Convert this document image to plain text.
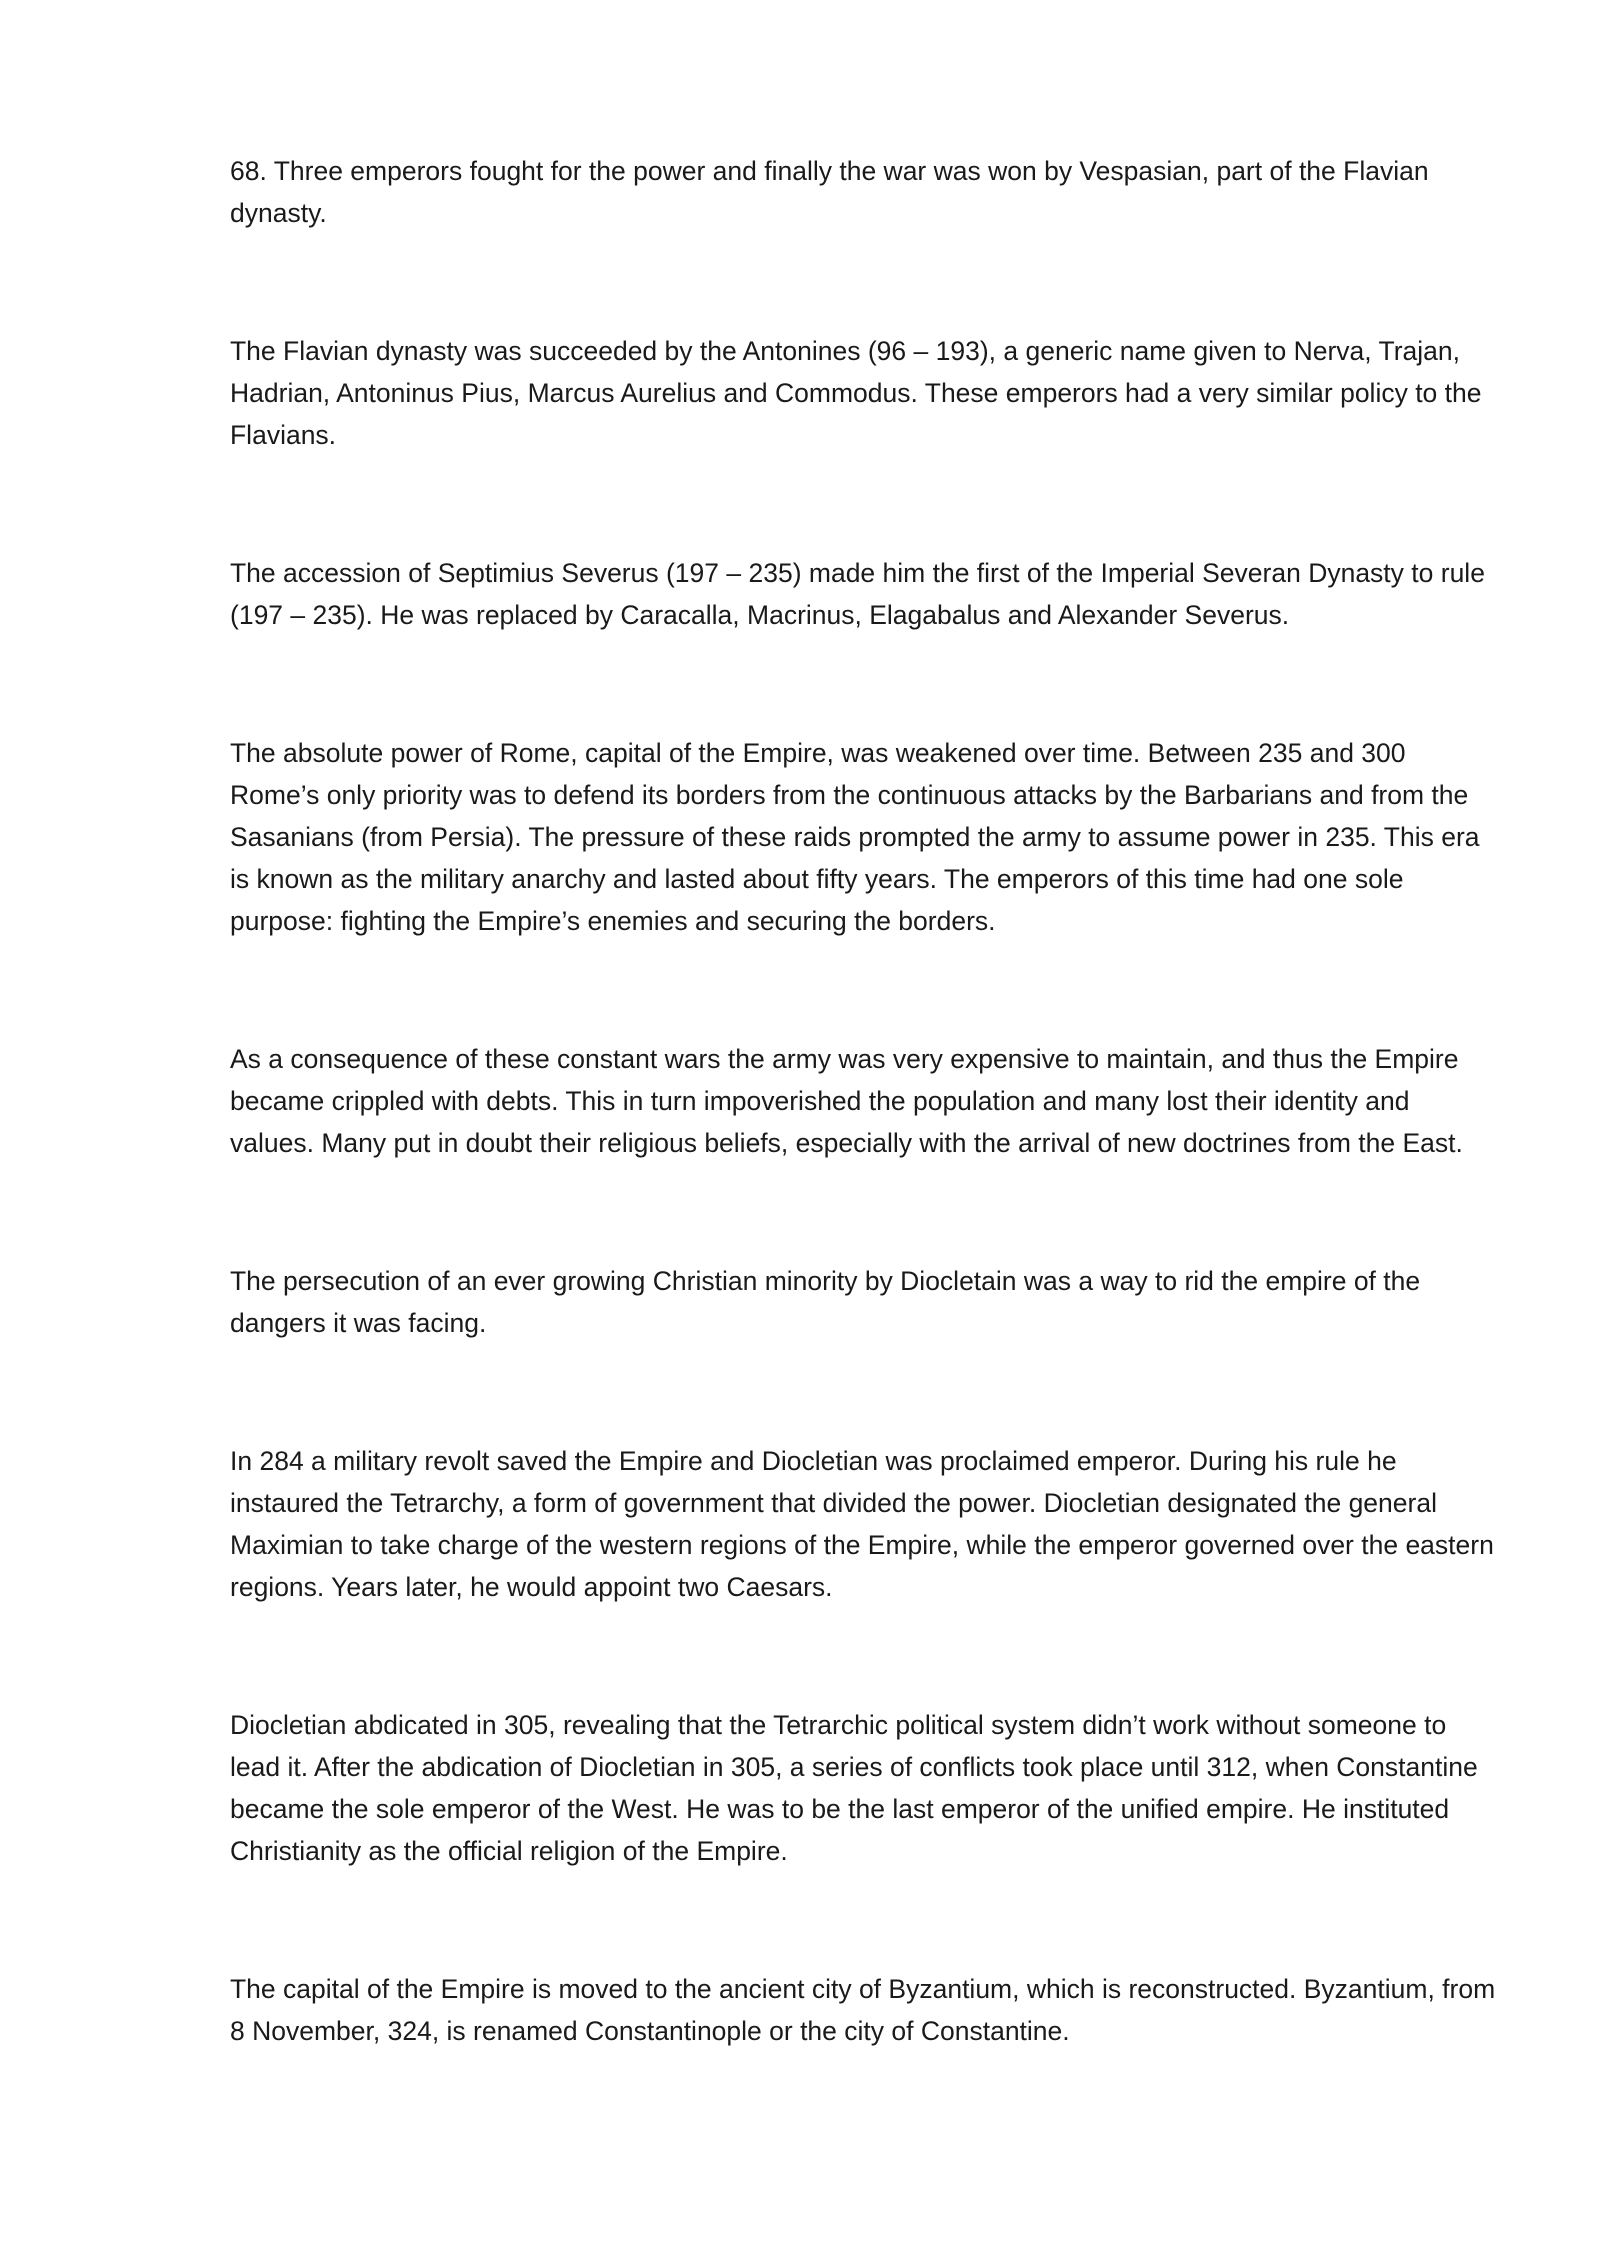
68. Three emperors fought for the power and finally the war was won by Vespasian, part of the Flavian dynasty.

The Flavian dynasty was succeeded by the Antonines (96 – 193), a generic name given to Nerva, Trajan, Hadrian, Antoninus Pius, Marcus Aurelius and Commodus. These emperors had a very similar policy to the Flavians.

The accession of Septimius Severus (197 – 235) made him the first of the Imperial Severan Dynasty to rule (197 – 235). He was replaced by Caracalla, Macrinus, Elagabalus and Alexander Severus.

The absolute power of Rome, capital of the Empire, was weakened over time. Between 235 and 300 Rome’s only priority was to defend its borders from the continuous attacks by the Barbarians and from the Sasanians (from Persia). The pressure of these raids prompted the army to assume power in 235. This era is known as the military anarchy and lasted about fifty years. The emperors of this time had one sole purpose: fighting the Empire’s enemies and securing the borders.

As a consequence of these constant wars the army was very expensive to maintain, and thus the Empire became crippled with debts. This in turn impoverished the population and many lost their identity and values. Many put in doubt their religious beliefs, especially with the arrival of new doctrines from the East.

The persecution of an ever growing Christian minority by Diocletain was a way to rid the empire of the dangers it was facing.

In 284 a military revolt saved the Empire and Diocletian was proclaimed emperor. During his rule he instaured the Tetrarchy, a form of government that divided the power. Diocletian designated the general Maximian to take charge of the western regions of the Empire, while the emperor governed over the eastern regions. Years later, he would appoint two Caesars.

Diocletian abdicated in 305, revealing that the Tetrarchic political system didn’t work without someone to lead it. After the abdication of Diocletian in 305, a series of conflicts took place until 312, when Constantine became the sole emperor of the West. He was to be the last emperor of the unified empire. He instituted Christianity as the official religion of the Empire.

The capital of the Empire is moved to the ancient city of Byzantium, which is reconstructed. Byzantium, from 8 November, 324, is renamed Constantinople or the city of Constantine.
